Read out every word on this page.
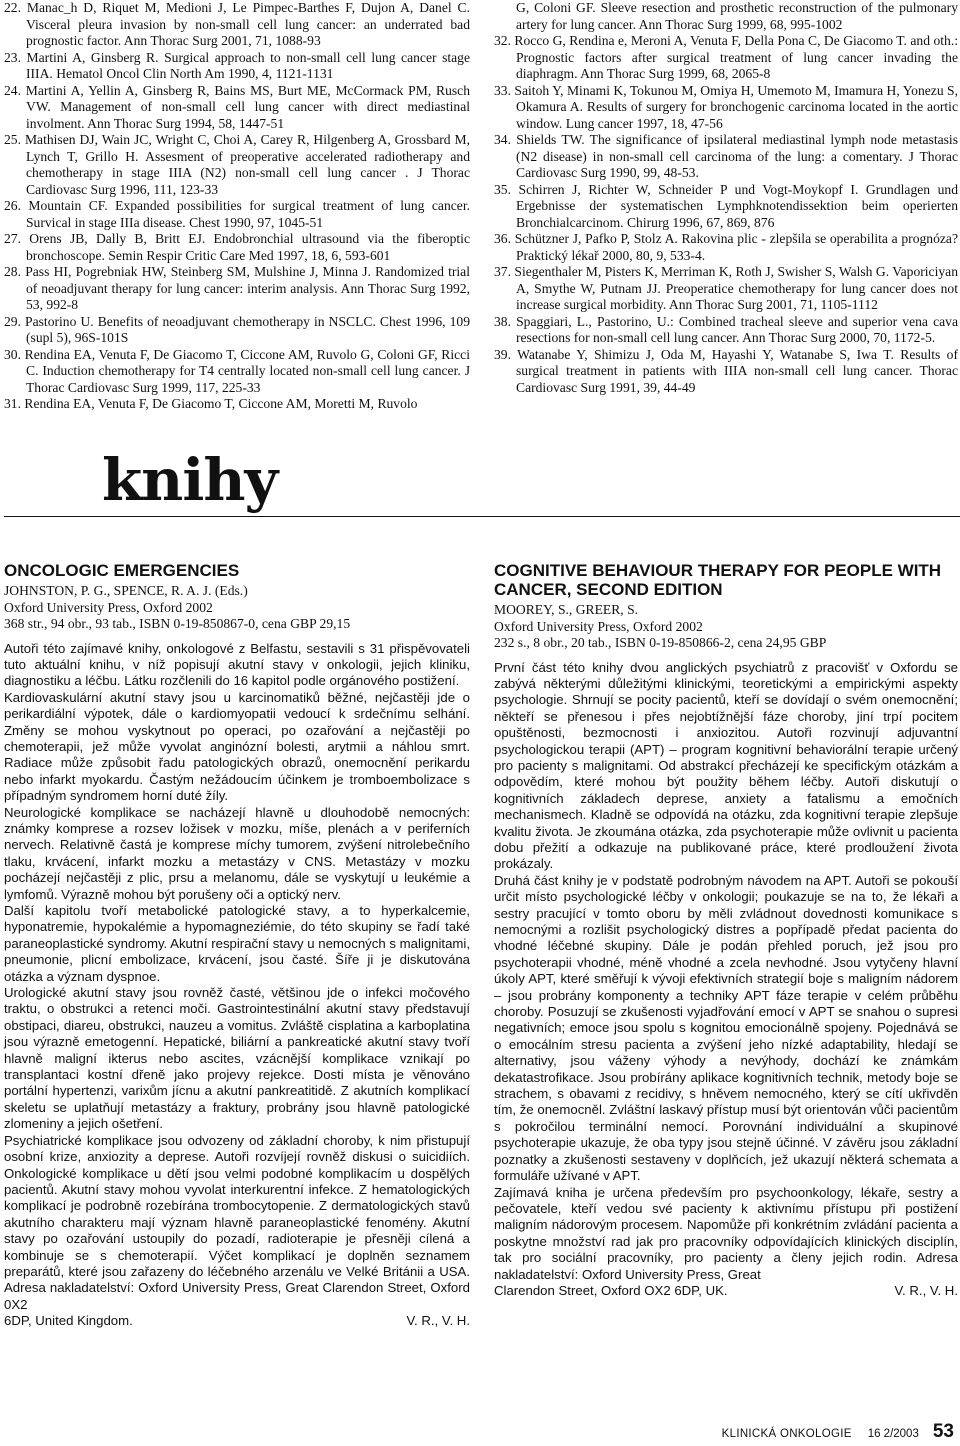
22. Manac_h D, Riquet M, Medioni J, Le Pimpec-Barthes F, Dujon A, Danel C. Visceral pleura invasion by non-small cell lung cancer: an underrated bad prognostic factor. Ann Thorac Surg 2001, 71, 1088-93

23. Martini A, Ginsberg R. Surgical approach to non-small cell lung cancer stage IIIA. Hematol Oncol Clin North Am 1990, 4, 1121-1131

24. Martini A, Yellin A, Ginsberg R, Bains MS, Burt ME, McCormack PM, Rusch VW. Management of non-small cell lung cancer with direct mediastinal involment. Ann Thorac Surg 1994, 58, 1447-51

25. Mathisen DJ, Wain JC, Wright C, Choi A, Carey R, Hilgenberg A, Grossbard M, Lynch T, Grillo H. Assesment of preoperative accelerated radiotherapy and chemotherapy in stage IIIA (N2) non-small cell lung cancer . J Thorac Cardiovasc Surg 1996, 111, 123-33

26. Mountain CF. Expanded possibilities for surgical treatment of lung cancer. Survical in stage IIIa disease. Chest 1990, 97, 1045-51

27. Orens JB, Dally B, Britt EJ. Endobronchial ultrasound via the fiberoptic bronchoscope. Semin Respir Critic Care Med 1997, 18, 6, 593-601

28. Pass HI, Pogrebniak HW, Steinberg SM, Mulshine J, Minna J. Randomized trial of neoadjuvant therapy for lung cancer: interim analysis. Ann Thorac Surg 1992, 53, 992-8

29. Pastorino U. Benefits of neoadjuvant chemotherapy in NSCLC. Chest 1996, 109 (supl 5), 96S-101S

30. Rendina EA, Venuta F, De Giacomo T, Ciccone AM, Ruvolo G, Coloni GF, Ricci C. Induction chemotherapy for T4 centrally located non-small cell lung cancer. J Thorac Cardiovasc Surg 1999, 117, 225-33

31. Rendina EA, Venuta F, De Giacomo T, Ciccone AM, Moretti M, Ruvolo

G, Coloni GF. Sleeve resection and prosthetic reconstruction of the pulmonary artery for lung cancer. Ann Thorac Surg 1999, 68, 995-1002

32. Rocco G, Rendina e, Meroni A, Venuta F, Della Pona C, De Giacomo T. and oth.: Prognostic factors after surgical treatment of lung cancer invading the diaphragm. Ann Thorac Surg 1999, 68, 2065-8

33. Saitoh Y, Minami K, Tokunou M, Omiya H, Umemoto M, Imamura H, Yonezu S, Okamura A. Results of surgery for bronchogenic carcinoma located in the aortic window. Lung cancer 1997, 18, 47-56

34. Shields TW. The significance of ipsilateral mediastinal lymph node metastasis (N2 disease) in non-small cell carcinoma of the lung: a comentary. J Thorac Cardiovasc Surg 1990, 99, 48-53.

35. Schirren J, Richter W, Schneider P und Vogt-Moykopf I. Grundlagen und Ergebnisse der systematischen Lymphknotendissektion beim operierten Bronchialcarcinom. Chirurg 1996, 67, 869, 876

36. Schützner J, Pafko P, Stolz A. Rakovina plic - zlepšila se operabilita a prognóza? Praktický lékař 2000, 80, 9, 533-4.

37. Siegenthaler M, Pisters K, Merriman K, Roth J, Swisher S, Walsh G. Vaporiciyan A, Smythe W, Putnam JJ. Preoperatice chemotherapy for lung cancer does not increase surgical morbidity. Ann Thorac Surg 2001, 71, 1105-1112

38. Spaggiari, L., Pastorino, U.: Combined tracheal sleeve and superior vena cava resections for non-small cell lung cancer. Ann Thorac Surg 2000, 70, 1172-5.

39. Watanabe Y, Shimizu J, Oda M, Hayashi Y, Watanabe S, Iwa T. Results of surgical treatment in patients with IIIA non-small cell lung cancer. Thorac Cardiovasc Surg 1991, 39, 44-49

knihy
ONCOLOGIC EMERGENCIES

JOHNSTON, P. G., SPENCE, R. A. J. (Eds.)

Oxford University Press, Oxford 2002

368 str., 94 obr., 93 tab., ISBN 0-19-850867-0, cena GBP 29,15

Autoři této zajímavé knihy, onkologové z Belfastu, sestavili s 31 přispěvovateli tuto aktuální knihu, v níž popisují akutní stavy v onkologii, jejich kliniku, diagnostiku a léčbu. Látku rozčlenili do 16 kapitol podle orgánového postižení.

Kardiovaskulární akutní stavy jsou u karcinomatiků běžné, nejčastěji jde o perikardiální výpotek, dále o kardiomyopatii vedoucí k srdečnímu selhání. Změny se mohou vyskytnout po operaci, po ozařování a nejčastěji po chemoterapii, jež může vyvolat anginózní bolesti, arytmii a náhlou smrt. Radiace může způsobit řadu patologických obrazů, onemocnění perikardu nebo infarkt myokardu. Častým nežádoucím účinkem je tromboembolizace s případným syndromem horní duté žíly.

Neurologické komplikace se nacházejí hlavně u dlouhodobě nemocných: známky komprese a rozsev ložisek v mozku, míše, plenách a v periferních nervech. Relativně častá je komprese míchy tumorem, zvýšení nitrolebečního tlaku, krvácení, infarkt mozku a metastázy v CNS. Metastázy v mozku pocházejí nejčastěji z plic, prsu a melanomu, dále se vyskytují u leukémie a lymfomů. Výrazně mohou být porušeny oči a optický nerv.

Další kapitolu tvoří metabolické patologické stavy, a to hyperkalcemie, hyponatremie, hypokalémie a hypomagneziémie, do této skupiny se řadí také paraneoplastické syndromy. Akutní respirační stavy u nemocných s malignitami, pneumonie, plicní embolizace, krvácení, jsou časté. Šíře ji je diskutována otázka a význam dyspnoe.

Urologické akutní stavy jsou rovněž časté, většinou jde o infekci močového traktu, o obstrukci a retenci moči. Gastrointestinální akutní stavy představují obstipaci, diareu, obstrukci, nauzeu a vomitus. Zvláště cisplatina a karboplatina jsou výrazně emetogenní. Hepatické, biliární a pankreatické akutní stavy tvoří hlavně maligní ikterus nebo ascites, vzácnější komplikace vznikají po transplantaci kostní dřeně jako projevy rejekce. Dosti místa je věnováno portální hypertenzi, varixům jícnu a akutní pankreatitidě. Z akutních komplikací skeletu se uplatňují metastázy a fraktury, probrány jsou hlavně patologické zlomeniny a jejich ošetření.

Psychiatrické komplikace jsou odvozeny od základní choroby, k nim přistupují osobní krize, anxiozity a deprese. Autoři rozvíjejí rovněž diskusi o suicidiích. Onkologické komplikace u dětí jsou velmi podobné komplikacím u dospělých pacientů. Akutní stavy mohou vyvolat interkurentní infekce. Z hematologických komplikací je podrobně rozebírána trombocytopenie. Z dermatologických stavů akutního charakteru mají význam hlavně paraneoplastické fenomény. Akutní stavy po ozařování ustoupily do pozadí, radioterapie je přesněji cílená a kombinuje se s chemoterapií. Výčet komplikací je doplněn seznamem preparátů, které jsou zařazeny do léčebného arzenálu ve Velké Británii a USA. Adresa nakladatelství: Oxford University Press, Great Clarendon Street, Oxford 0X2

6DP, United Kingdom.	V. R., V. H.
COGNITIVE BEHAVIOUR THERAPY FOR PEOPLE WITH CANCER, SECOND EDITION

MOOREY, S., GREER, S.

Oxford University Press, Oxford 2002

232 s., 8 obr., 20 tab., ISBN 0-19-850866-2, cena 24,95 GBP

První část této knihy dvou anglických psychiatrů z pracovišť v Oxfordu se zabývá některými důležitými klinickými, teoretickými a empirickými aspekty psychologie. Shrnují se pocity pacientů, kteří se dovídají o svém onemocnění; někteří se přenesou i přes nejobtížnější fáze choroby, jiní trpí pocitem opuštěnosti, bezmocnosti i anxiozitou. Autoři rozvinují adjuvantní psychologickou terapii (APT) – program kognitivní behaviorální terapie určený pro pacienty s malignitami. Od abstrakcí přecházejí ke specifickým otázkám a odpovědím, které mohou být použity během léčby. Autoři diskutují o kognitivních základech deprese, anxiety a fatalismu a emočních mechanismech. Kladně se odpovídá na otázku, zda kognitivní terapie zlepšuje kvalitu života. Je zkoumána otázka, zda psychoterapie může ovlivnit u pacienta dobu přežití a odkazuje na publikované práce, které prodloužení života prokázaly.

Druhá část knihy je v podstatě podrobným návodem na APT. Autoři se pokouší určit místo psychologické léčby v onkologii; poukazuje se na to, že lékaři a sestry pracující v tomto oboru by měli zvládnout dovednosti komunikace s nemocnými a rozlišit psychologický distres a popřípadě předat pacienta do vhodné léčebné skupiny. Dále je podán přehled poruch, jež jsou pro psychoterapii vhodné, méně vhodné a zcela nevhodné. Jsou vytyčeny hlavní úkoly APT, které směřují k vývoji efektivních strategií boje s maligním nádorem – jsou probrány komponenty a techniky APT fáze terapie v celém průběhu choroby. Posuzují se zkušenosti vyjadřování emocí v APT se snahou o supresi negativních; emoce jsou spolu s kognitou emocionálně spojeny. Pojednává se o emocálním stresu pacienta a zvýšení jeho nízké adaptability, hledají se alternativy, jsou váženy výhody a nevýhody, dochází ke známkám dekatastrofikace. Jsou probírány aplikace kognitivních technik, metody boje se strachem, s obavami z recidivy, s hněvem nemocného, který se cítí ukřivděn tím, že onemocněl. Zvláštní laskavý přístup musí být orientován vůči pacientům s pokročilou terminální nemocí. Porovnání individuální a skupinové psychoterapie ukazuje, že oba typy jsou stejně účinné. V závěru jsou základní poznatky a zkušenosti sestaveny v doplňcích, jež ukazují některá schemata a formuláře užívané v APT.

Zajímavá kniha je určena především pro psychoonkology, lékaře, sestry a pečovatele, kteří vedou své pacienty k aktivnímu přístupu při postižení maligním nádorovým procesem. Napomůže při konkrétním zvládání pacienta a poskytne množství rad jak pro pracovníky odpovídajících klinických disciplín, tak pro sociální pracovníky, pro pacienty a členy jejich rodin. Adresa nakladatelství: Oxford University Press, Great

Clarendon Street, Oxford OX2 6DP, UK.	V. R., V. H.
KLINICKÁ ONKOLOGIE 16 2/2003 53
